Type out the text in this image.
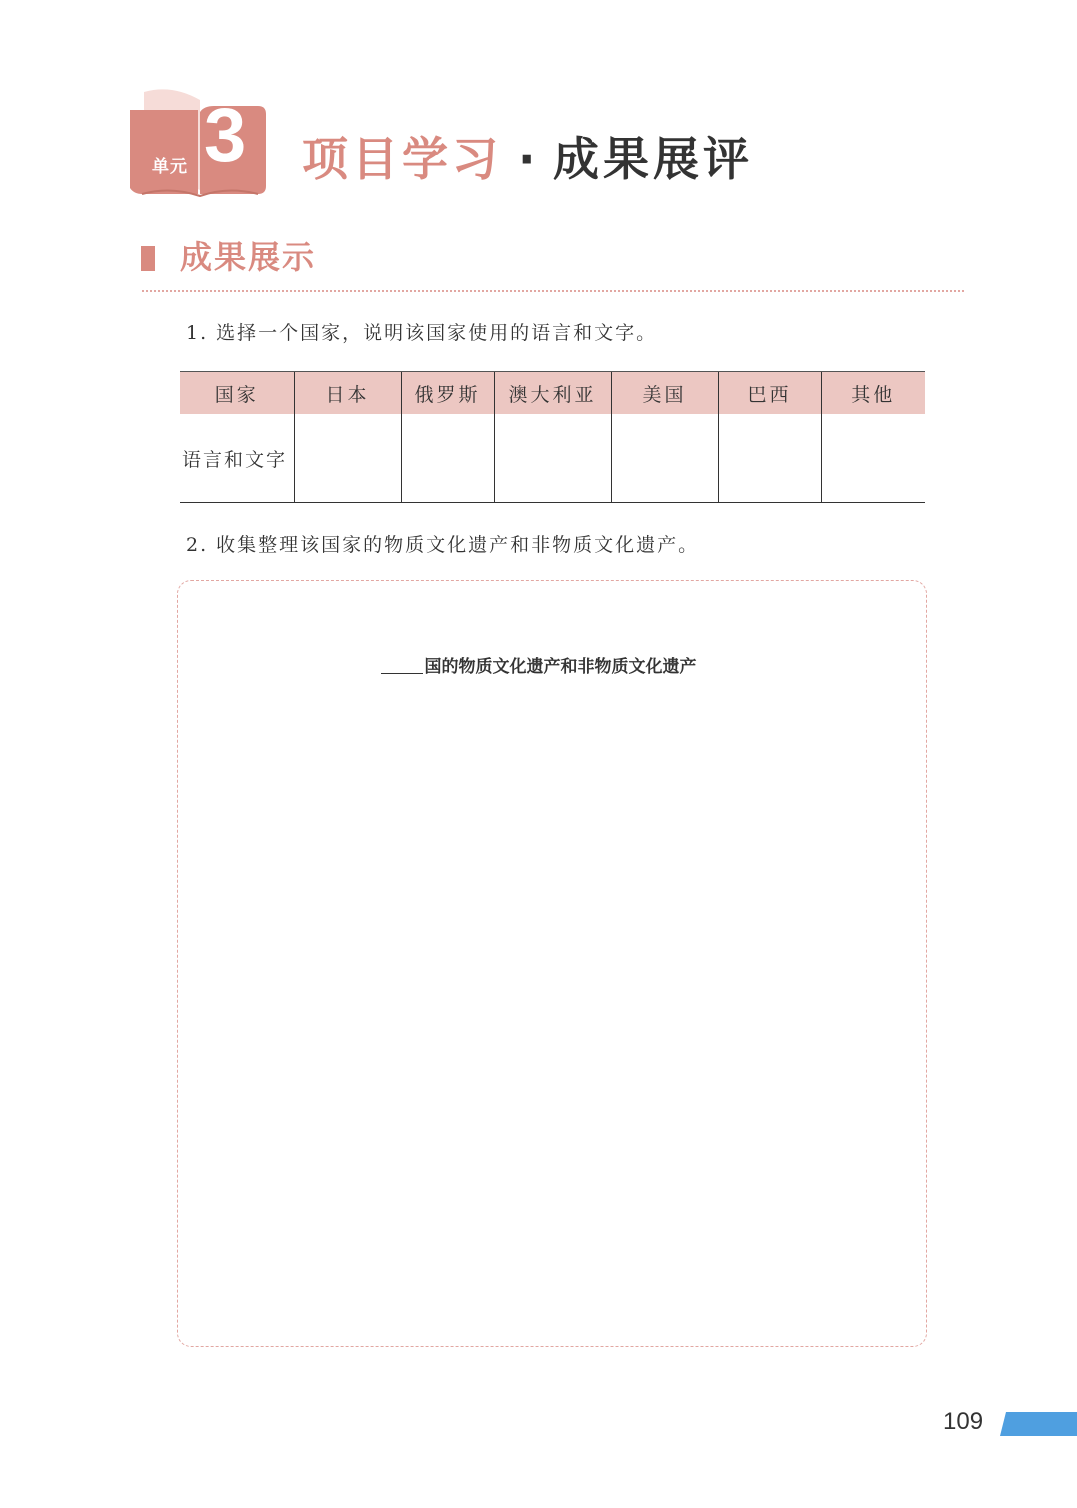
单元 3 项目学习 · 成果展评
成果展示
1. 选择一个国家，说明该国家使用的语言和文字。
国家	日本	俄罗斯	澳大利亚	美国	巴西	其他
语言和文字						
2. 收集整理该国家的物质文化遗产和非物质文化遗产。
国的物质文化遗产和非物质文化遗产
109
